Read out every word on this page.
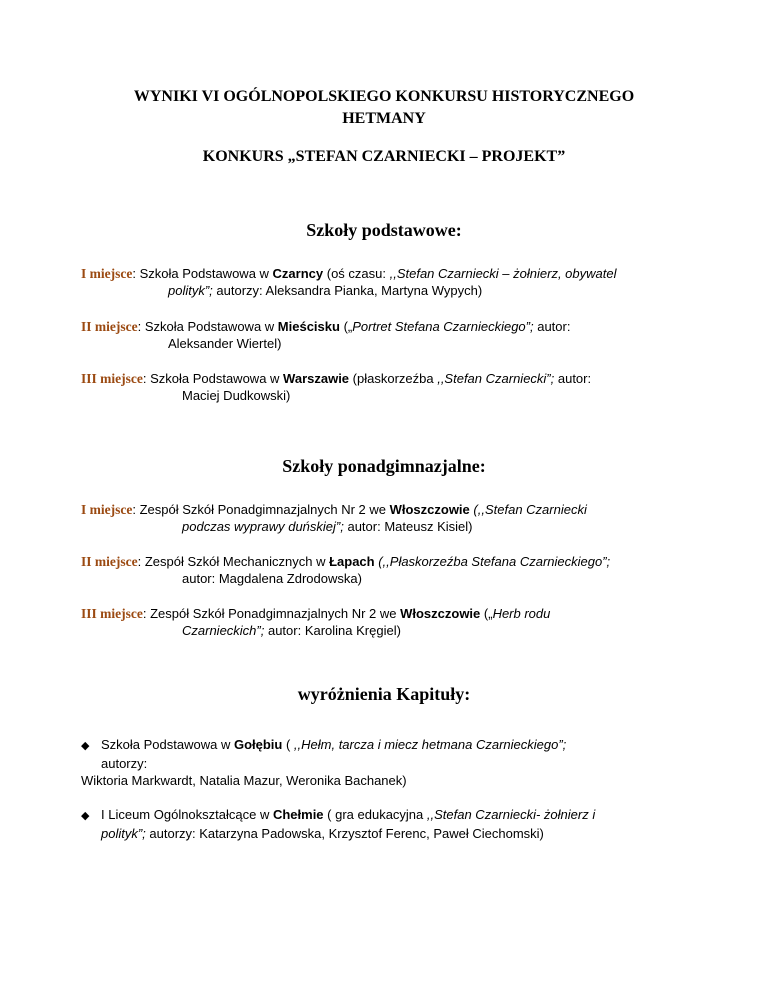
WYNIKI VI OGÓLNOPOLSKIEGO KONKURSU HISTORYCZNEGO
HETMANY
KONKURS „STEFAN CZARNIECKI – PROJEKT”
Szkoły podstawowe:
I miejsce: Szkoła Podstawowa w Czarncy (oś czasu: ,,Stefan Czarniecki – żołnierz, obywatel
polityk”; autorzy: Aleksandra Pianka, Martyna Wypych)
II miejsce: Szkoła Podstawowa w Mieścisku („Portret Stefana Czarnieckiego”; autor:
Aleksander Wiertel)
III miejsce: Szkoła Podstawowa w Warszawie (płaskorzeźba ,,Stefan Czarniecki”; autor:
Maciej Dudkowski)
Szkoły ponadgimnazjalne:
I miejsce: Zespół Szkół Ponadgimnazjalnych Nr 2 we Włoszczowie (,,Stefan Czarniecki
podczas wyprawy duńskiej”; autor: Mateusz Kisiel)
II miejsce: Zespół Szkół Mechanicznych w Łapach (,,Płaskorzeźba Stefana Czarnieckiego”;
autor: Magdalena Zdrodowska)
III miejsce: Zespół Szkół Ponadgimnazjalnych Nr 2 we Włoszczowie („Herb rodu
Czarnieckich”; autor: Karolina Kręgiel)
wyróżnienia Kapituły:
◆ Szkoła Podstawowa w Gołębiu ( ,,Hełm, tarcza i miecz hetmana Czarnieckiego”;
autorzy:
Wiktoria Markwardt, Natalia Mazur, Weronika Bachanek)
◆ I Liceum Ogólnokształcące w Chełmie ( gra edukacyjna ,,Stefan Czarniecki- żołnierz i
polityk”; autorzy: Katarzyna Padowska, Krzysztof Ferenc, Paweł Ciechomski)
